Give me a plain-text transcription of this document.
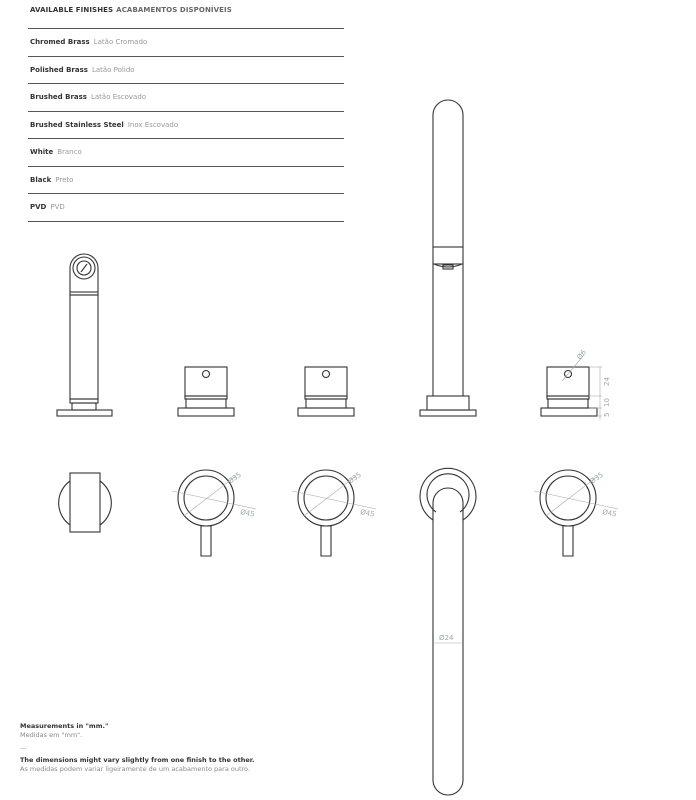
AVAILABLE FINISHES ACABAMENTOS DISPONÍVEIS
Chromed Brass Latão Cromado
Polished Brass Latão Polido
Brushed Brass Latão Escovado
Brushed Stainless Steel Inox Escovado
White Branco
Black Preto
PVD PVD
Ø6
24
10
5
Ø35
Ø45
Ø35
Ø45
Ø35
Ø45
Ø24
Measurements in "mm."
Medidas em "mm".
—
The dimensions might vary slightly from one finish to the other.
As medidas podem variar ligeiramente de um acabamento para outro.
